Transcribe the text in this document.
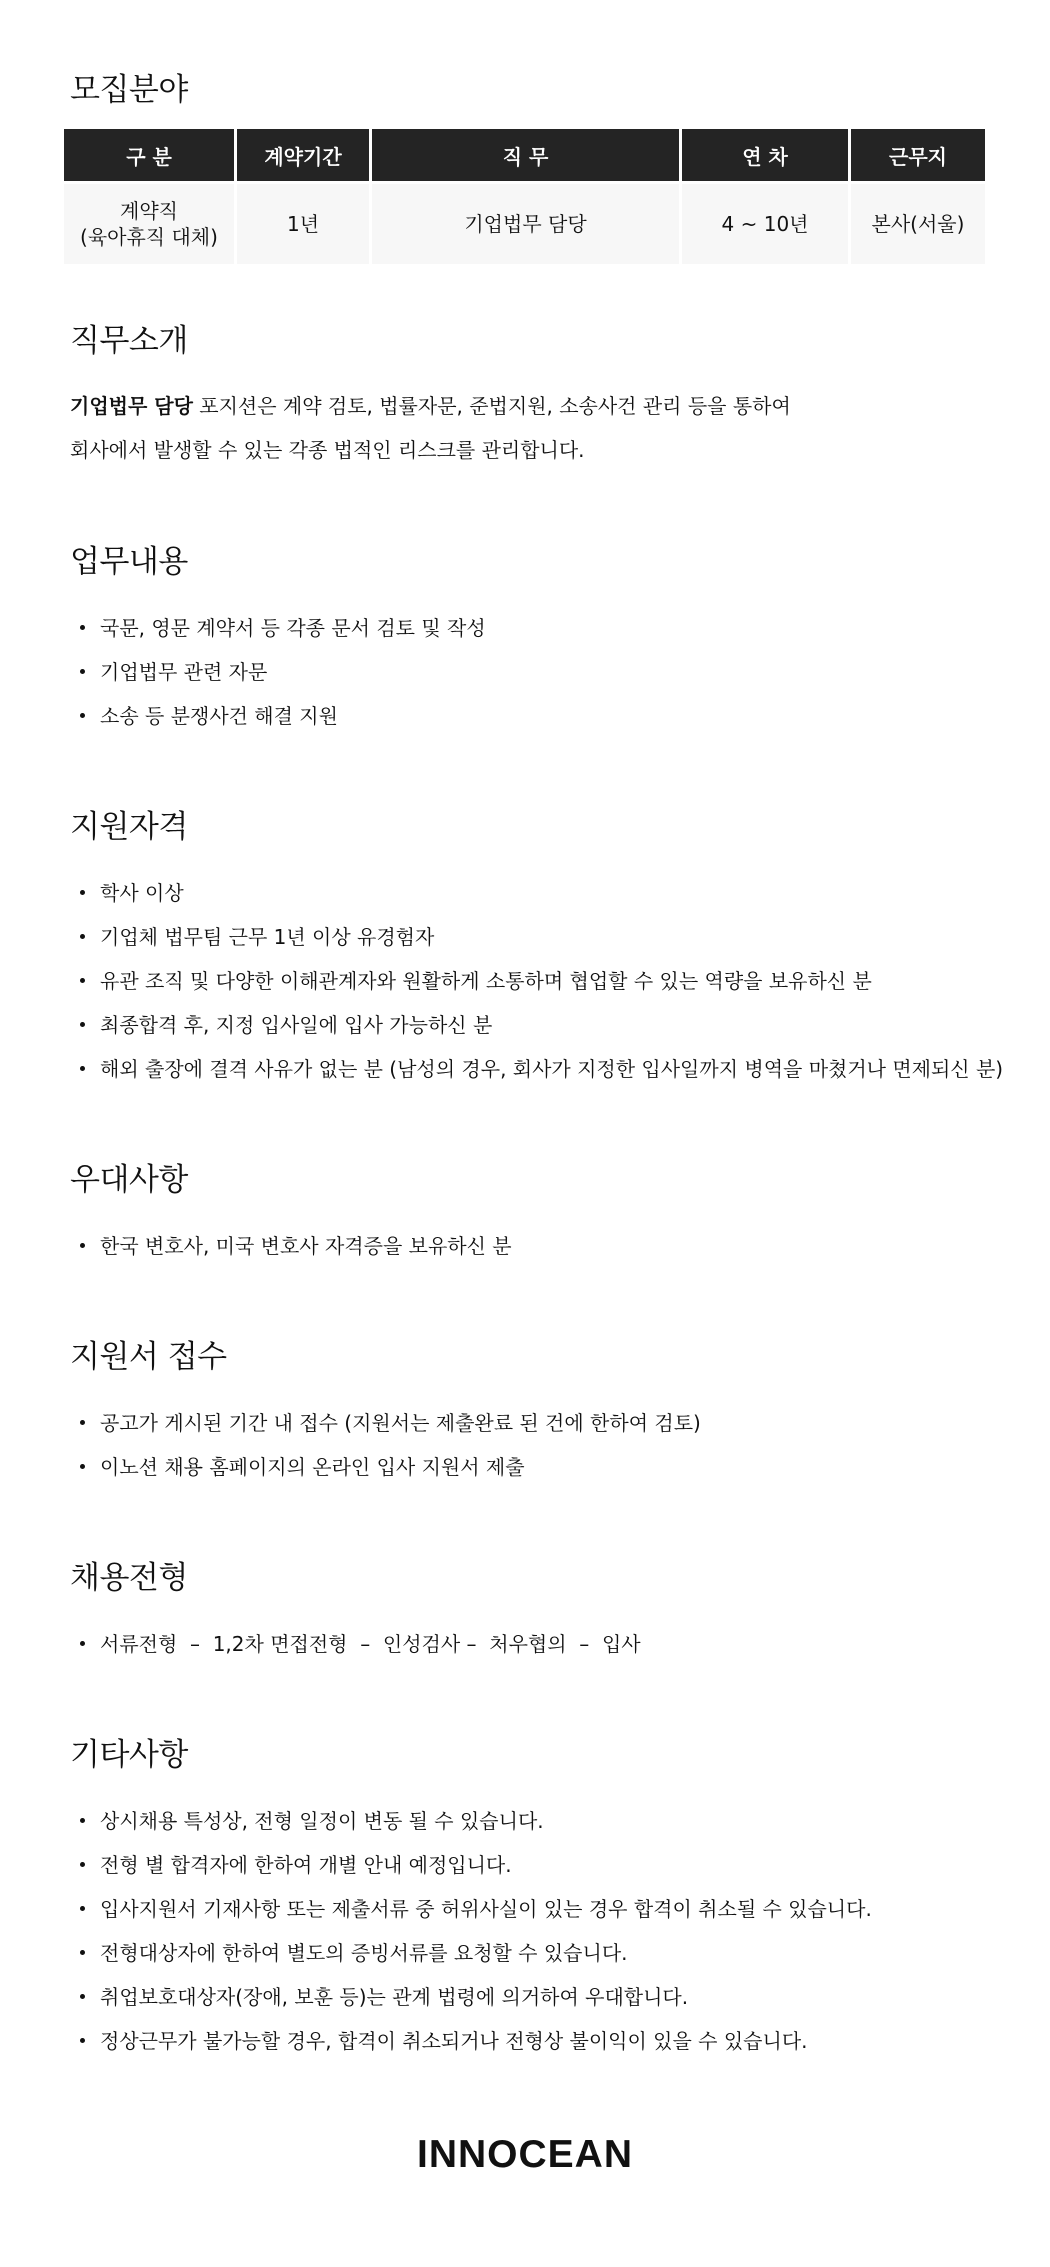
모집분야
구 분	계약기간	직 무	연 차	근무지

계약직
(육아휴직 대체)	1년	기업법무 담당	4 ~ 10년	본사(서울)
직무소개

기업법무 담당 포지션은 계약 검토, 법률자문, 준법지원, 소송사건 관리 등을 통하여
회사에서 발생할 수 있는 각종 법적인 리스크를 관리합니다.

업무내용
국문, 영문 계약서 등 각종 문서 검토 및 작성
기업법무 관련 자문
소송 등 분쟁사건 해결 지원
지원자격
학사 이상
기업체 법무팀 근무 1년 이상 유경험자
유관 조직 및 다양한 이해관계자와 원활하게 소통하며 협업할 수 있는 역량을 보유하신 분
최종합격 후, 지정 입사일에 입사 가능하신 분
해외 출장에 결격 사유가 없는 분 (남성의 경우, 회사가 지정한 입사일까지 병역을 마쳤거나 면제되신 분)
우대사항
한국 변호사, 미국 변호사 자격증을 보유하신 분
지원서 접수
공고가 게시된 기간 내 접수 (지원서는 제출완료 된 건에 한하여 검토)
이노션 채용 홈페이지의 온라인 입사 지원서 제출
채용전형
서류전형  –  1,2차 면접전형  –  인성검사 –  처우협의  –  입사
기타사항
상시채용 특성상, 전형 일정이 변동 될 수 있습니다.
전형 별 합격자에 한하여 개별 안내 예정입니다.
입사지원서 기재사항 또는 제출서류 중 허위사실이 있는 경우 합격이 취소될 수 있습니다.
전형대상자에 한하여 별도의 증빙서류를 요청할 수 있습니다.
취업보호대상자(장애, 보훈 등)는 관계 법령에 의거하여 우대합니다.
정상근무가 불가능할 경우, 합격이 취소되거나 전형상 불이익이 있을 수 있습니다.
INNOCEAN
